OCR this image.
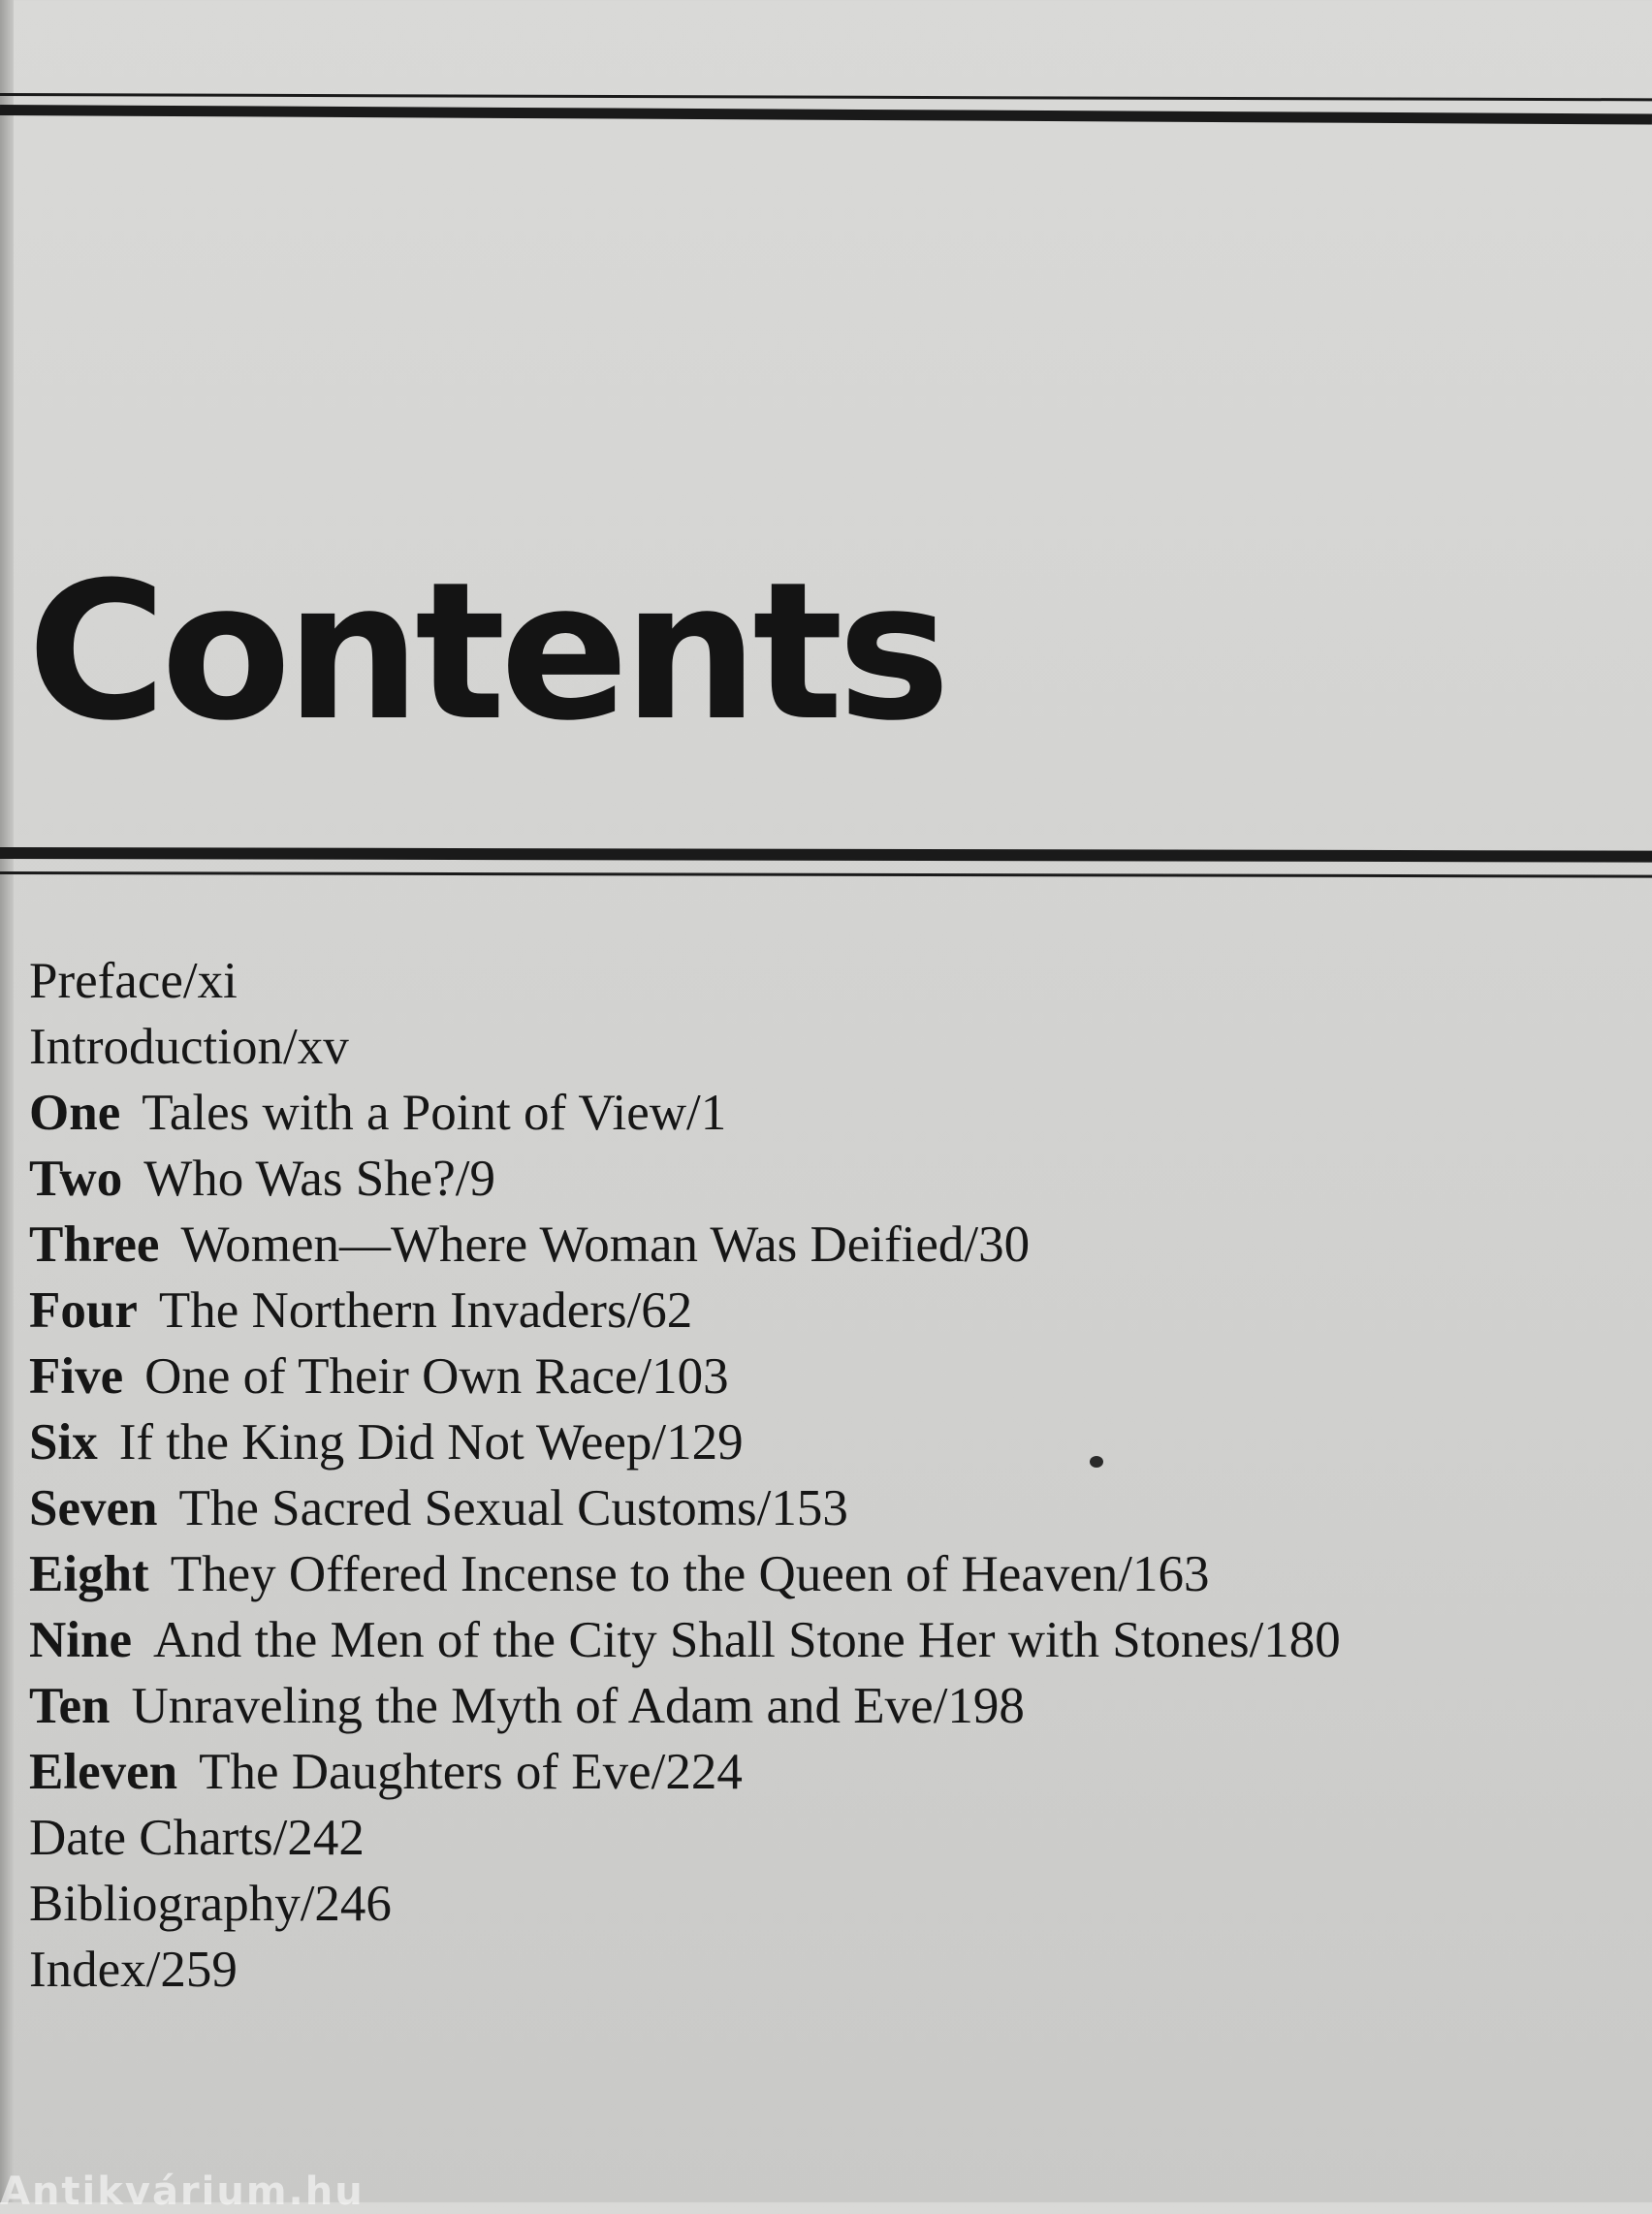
Contents
Preface/xi
Introduction/xv
One Tales with a Point of View/1
Two Who Was She?/9
Three Women—Where Woman Was Deified/30
Four The Northern Invaders/62
Five One of Their Own Race/103
Six If the King Did Not Weep/129
Seven The Sacred Sexual Customs/153
Eight They Offered Incense to the Queen of Heaven/163
Nine And the Men of the City Shall Stone Her with Stones/180
Ten Unraveling the Myth of Adam and Eve/198
Eleven The Daughters of Eve/224
Date Charts/242
Bibliography/246
Index/259
Antikvárium.hu
